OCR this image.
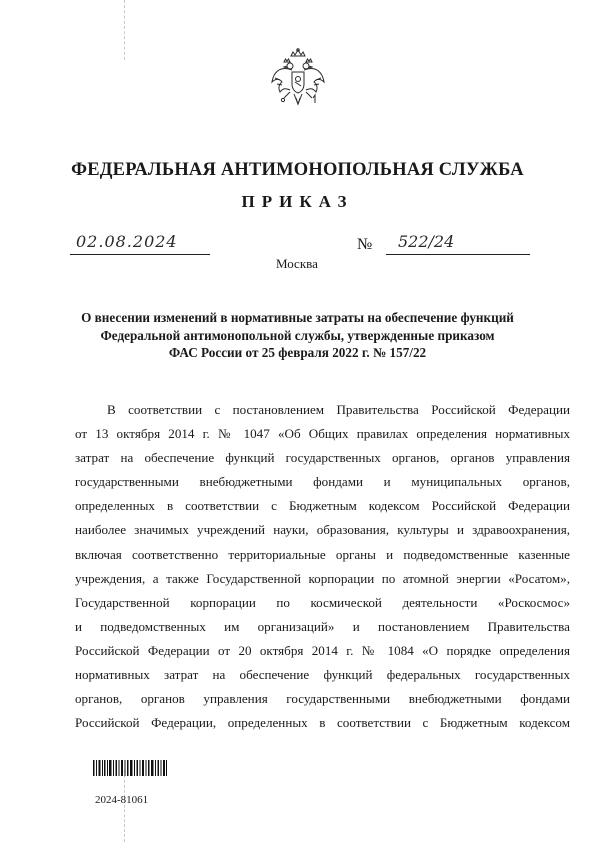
ФЕДЕРАЛЬНАЯ АНТИМОНОПОЛЬНАЯ СЛУЖБА
ПРИКАЗ
02.08.2024
Москва
№ 522/24
О внесении изменений в нормативные затраты на обеспечение функций
Федеральной антимонопольной службы, утвержденные приказом
ФАС России от 25 февраля 2022 г. № 157/22
В соответствии с постановлением Правительства Российской Федерации
от 13 октября 2014 г. № 1047 «Об Общих правилах определения нормативных
затрат на обеспечение функций государственных органов, органов управления
государственными внебюджетными фондами и муниципальных органов,
определенных в соответствии с Бюджетным кодексом Российской Федерации
наиболее значимых учреждений науки, образования, культуры и здравоохранения,
включая соответственно территориальные органы и подведомственные казенные
учреждения, а также Государственной корпорации по атомной энергии «Росатом»,
Государственной корпорации по космической деятельности «Роскосмос»
и подведомственных им организаций» и постановлением Правительства
Российской Федерации от 20 октября 2014 г. № 1084 «О порядке определения
нормативных затрат на обеспечение функций федеральных государственных
органов, органов управления государственными внебюджетными фондами
Российской Федерации, определенных в соответствии с Бюджетным кодексом
2024-81061
